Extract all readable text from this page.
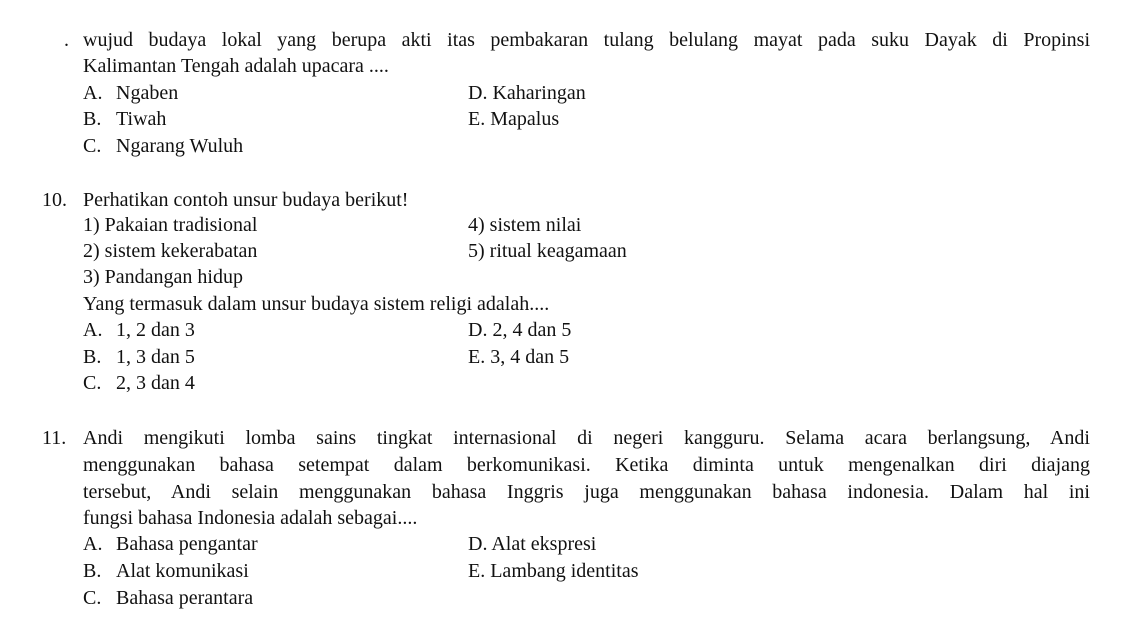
. wujud budaya lokal yang berupa akti itas pembakaran tulang belulang mayat pada suku Dayak di Propinsi
Kalimantan Tengah adalah upacara ....
A. Ngaben
B. Tiwah
C. Ngarang Wuluh
D. Kaharingan
E. Mapalus
10. Perhatikan contoh unsur budaya berikut!
1) Pakaian tradisional
2) sistem kekerabatan
3) Pandangan hidup
4) sistem nilai
5) ritual keagamaan
Yang termasuk dalam unsur budaya sistem religi adalah....
A. 1, 2 dan 3
B. 1, 3 dan 5
C. 2, 3 dan 4
D. 2, 4 dan 5
E. 3, 4 dan 5
11. Andi mengikuti lomba sains tingkat internasional di negeri kangguru. Selama acara berlangsung, Andi
menggunakan bahasa setempat dalam berkomunikasi. Ketika diminta untuk mengenalkan diri diajang
tersebut, Andi selain menggunakan bahasa Inggris juga menggunakan bahasa indonesia. Dalam hal ini
fungsi bahasa Indonesia adalah sebagai....
A. Bahasa pengantar
B. Alat komunikasi
C. Bahasa perantara
D. Alat ekspresi
E. Lambang identitas
